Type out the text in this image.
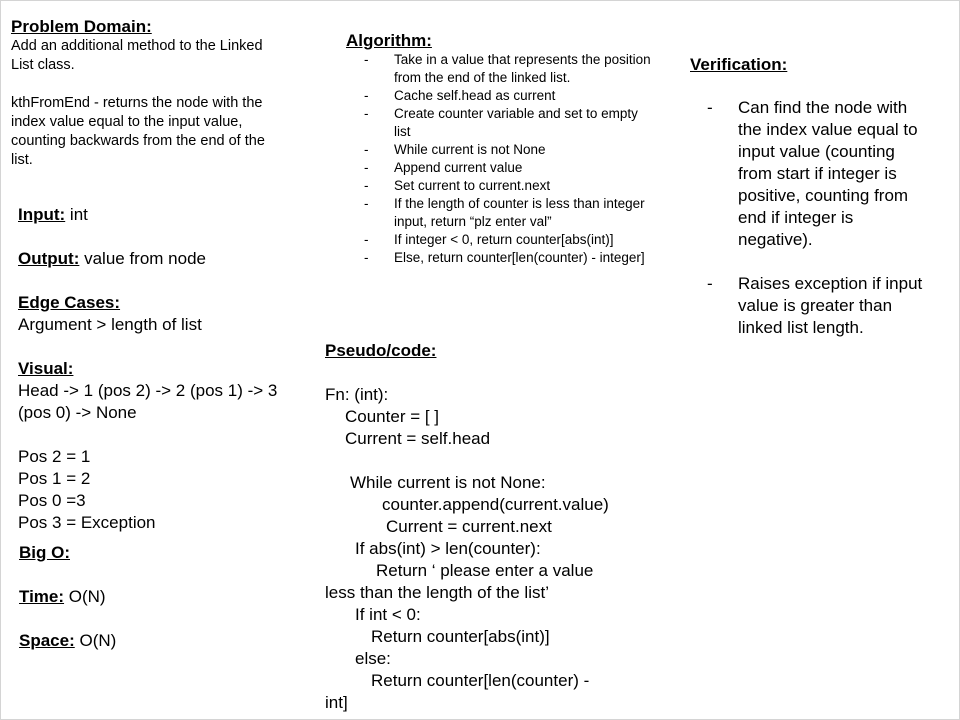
Problem Domain:
Add an additional method to the Linked
List class.
kthFromEnd - returns the node with the
index value equal to the input value,
counting backwards from the end of the
list.
Input: int
Output: value from node
Edge Cases:
Argument > length of list
Visual:
Head -> 1 (pos 2) -> 2 (pos 1) -> 3
(pos 0) -> None
Pos 2 = 1
Pos 1 = 2
Pos 0 =3
Pos 3 = Exception
Big O:
Time: O(N)
Space: O(N)
Algorithm:
- Take in a value that represents the position
from the end of the linked list.
- Cache self.head as current
- Create counter variable and set to empty
list
- While current is not None
- Append current value
- Set current to current.next
- If the length of counter is less than integer
input, return “plz enter val”
- If integer < 0, return counter[abs(int)]
- Else, return counter[len(counter) - integer]
Pseudo/code:
Fn: (int):
Counter = [ ]
Current = self.head
While current is not None:
counter.append(current.value)
Current = current.next
If abs(int) > len(counter):
Return ‘ please enter a value
less than the length of the list’
If int < 0:
Return counter[abs(int)]
else:
Return counter[len(counter) -
int]
Verification:
- Can find the node with
the index value equal to
input value (counting
from start if integer is
positive, counting from
end if integer is
negative).
- Raises exception if input
value is greater than
linked list length.
